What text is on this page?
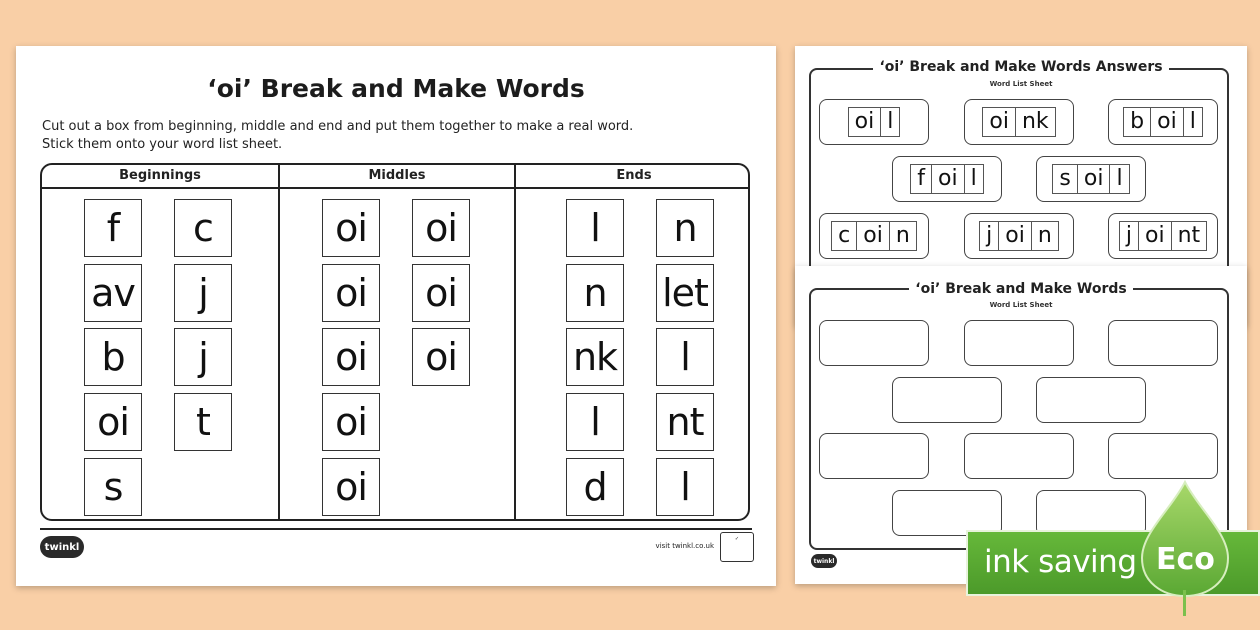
‘oi’ Break and Make Words
Cut out a box from beginning, middle and end and put them together to make a real word.
Stick them onto your word list sheet.
Beginnings
f	c
av	j
b	j
oi	t
s
Middles
oi	oi
oi	oi
oi	oi
oi
oi
Ends
l	n
n	let
nk	l
l	nt
d	l
twinkl	visit twinkl.co.uk
✓
‘oi’ Break and Make Words Answers
Word List Sheet
oi l	oi nk	b oi l
f oi l	s oi l
c oi n	j oi n	j oi nt
‘oi’ Break and Make Words
Word List Sheet
twinkl	ink saving Eco
